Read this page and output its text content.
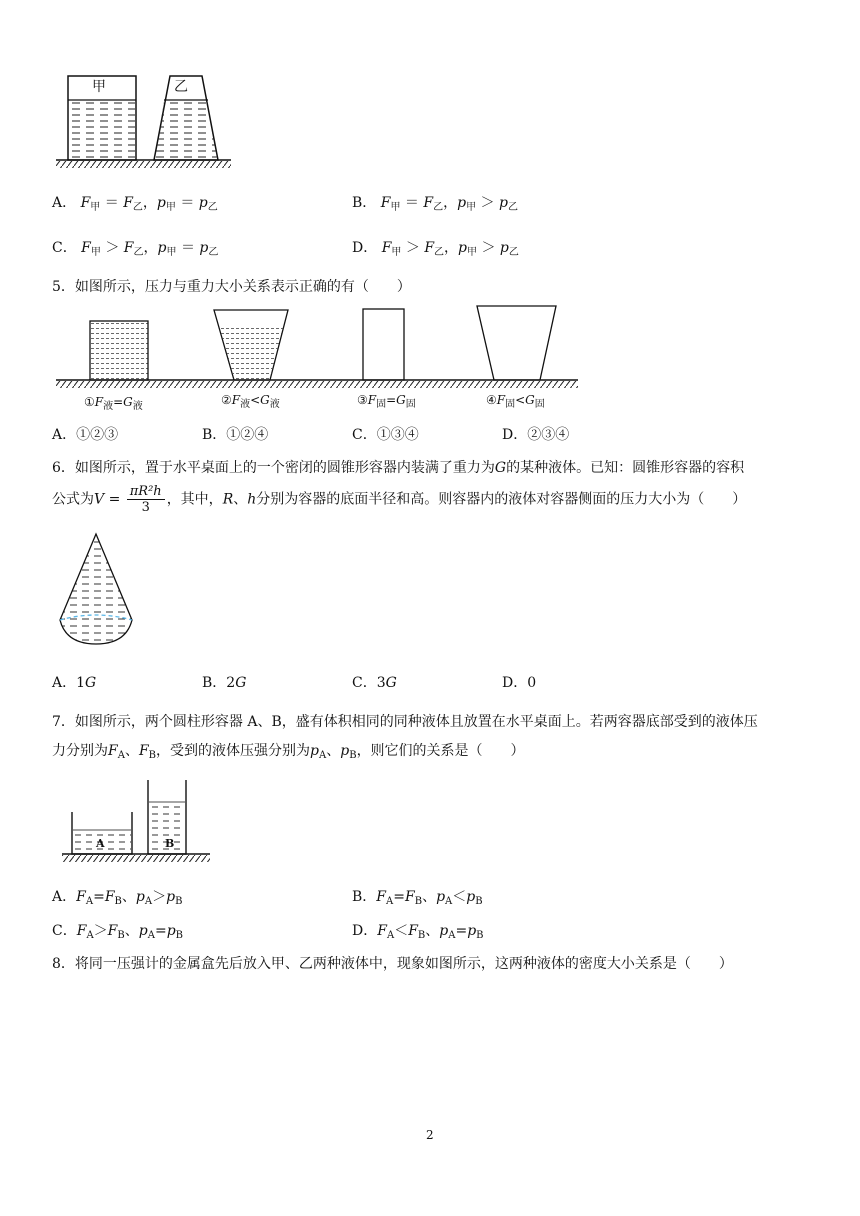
甲	乙
A． $F_甲 = F_乙$，$p_甲 = p_乙$	B． $F_甲 = F_乙$，$p_甲 > p_乙$
C． $F_甲 > F_乙$，$p_甲 = p_乙$	D． $F_甲 > F_乙$，$p_甲 > p_乙$
5．如图所示，压力与重力大小关系表示正确的有（　　）
$①F_液=G_液$	$②F_液<G_液$	$③F_固=G_固$	$④F_固<G_固$
A．①②③	B．①②④	C．①③④	D．②③④
6．如图所示，置于水平桌面上的一个密闭的圆锥形容器内装满了重力为G的某种液体。已知：圆锥形容器的容积
公式为$V = \frac{\text{πR²h}}{3}$ ，其中，R、h分别为容器的底面半径和高。则容器内的液体对容器侧面的压力大小为（　　）
A．1G	B．2G	C．3G	D．0
7．如图所示，两个圆柱形容器 A、B，盛有体积相同的同种液体且放置在水平桌面上。若两容器底部受到的液体压
力分别为$F_A$、$F_B$，受到的液体压强分别为$p_A$、$p_B$，则它们的关系是（　　）
A	B
A．$F_A=F_B$、$p_A>p_B$	B．$F_A=F_B$、$p_A<p_B$
C．$F_A>F_B$、$p_A=p_B$	D．$F_A<F_B$、$p_A=p_B$
8．将同一压强计的金属盒先后放入甲、乙两种液体中，现象如图所示，这两种液体的密度大小关系是（　　）
2
